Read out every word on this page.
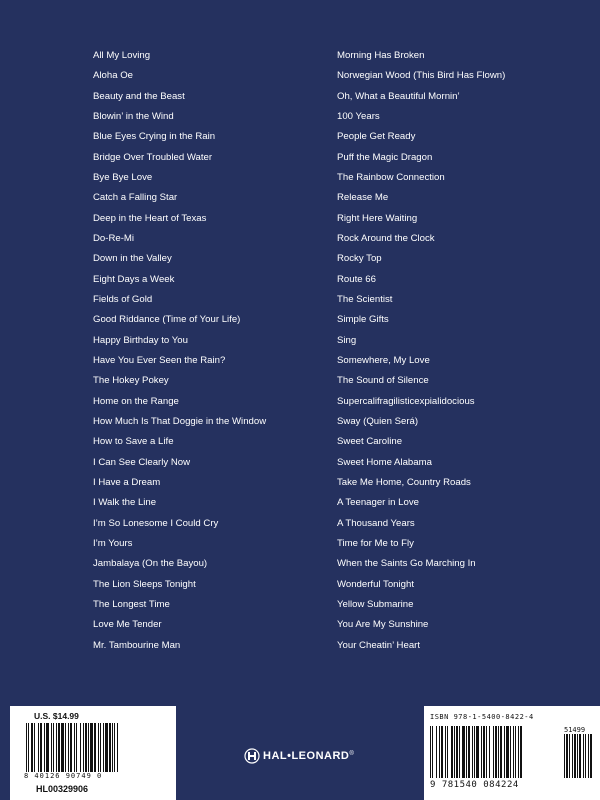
All My Loving
Aloha Oe
Beauty and the Beast
Blowin’ in the Wind
Blue Eyes Crying in the Rain
Bridge Over Troubled Water
Bye Bye Love
Catch a Falling Star
Deep in the Heart of Texas
Do-Re-Mi
Down in the Valley
Eight Days a Week
Fields of Gold
Good Riddance (Time of Your Life)
Happy Birthday to You
Have You Ever Seen the Rain?
The Hokey Pokey
Home on the Range
How Much Is That Doggie in the Window
How to Save a Life
I Can See Clearly Now
I Have a Dream
I Walk the Line
I’m So Lonesome I Could Cry
I’m Yours
Jambalaya (On the Bayou)
The Lion Sleeps Tonight
The Longest Time
Love Me Tender
Mr. Tambourine Man
Morning Has Broken
Norwegian Wood (This Bird Has Flown)
Oh, What a Beautiful Mornin’
100 Years
People Get Ready
Puff the Magic Dragon
The Rainbow Connection
Release Me
Right Here Waiting
Rock Around the Clock
Rocky Top
Route 66
The Scientist
Simple Gifts
Sing
Somewhere, My Love
The Sound of Silence
Supercalifragilisticexpialidocious
Sway (Quien Será)
Sweet Caroline
Sweet Home Alabama
Take Me Home, Country Roads
A Teenager in Love
A Thousand Years
Time for Me to Fly
When the Saints Go Marching In
Wonderful Tonight
Yellow Submarine
You Are My Sunshine
Your Cheatin’ Heart
U.S. $14.99
8 40126 90749 0
HL00329906
HAL•LEONARD ®
ISBN 978-1-5400-8422-4
51499
9 781540 084224
